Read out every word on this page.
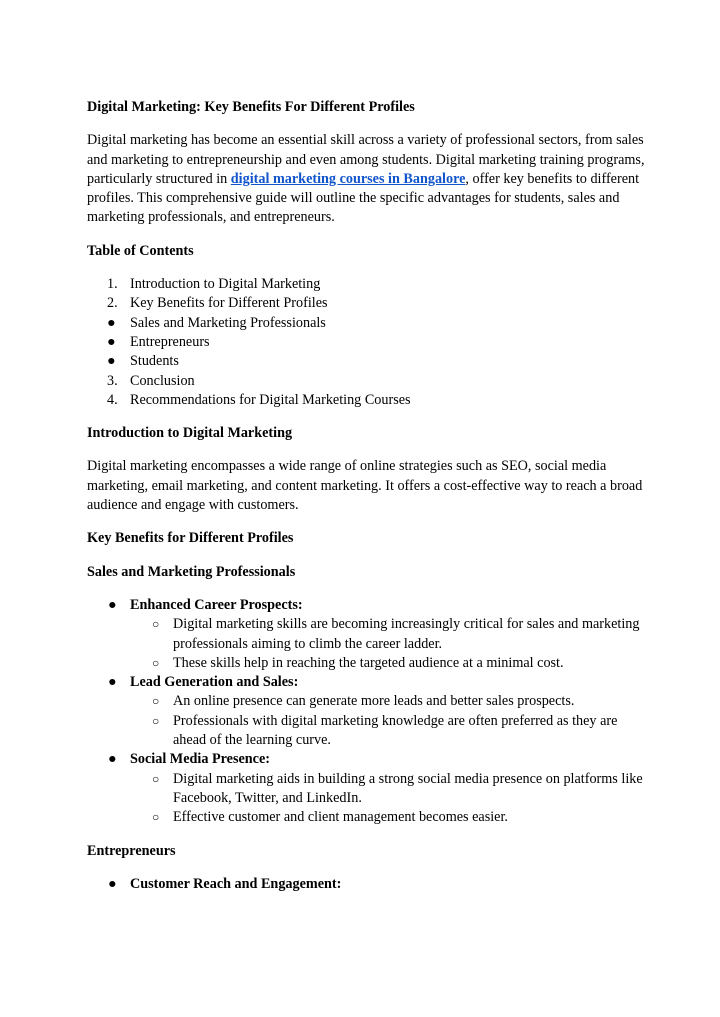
Digital Marketing: Key Benefits For Different Profiles

Digital marketing has become an essential skill across a variety of professional sectors, from sales and marketing to entrepreneurship and even among students. Digital marketing training programs, particularly structured in digital marketing courses in Bangalore, offer key benefits to different profiles. This comprehensive guide will outline the specific advantages for students, sales and marketing professionals, and entrepreneurs.

Table of Contents
1. Introduction to Digital Marketing
2. Key Benefits for Different Profiles
●	Sales and Marketing Professionals
●	Entrepreneurs
●	Students
3. Conclusion
4. Recommendations for Digital Marketing Courses
Introduction to Digital Marketing

Digital marketing encompasses a wide range of online strategies such as SEO, social media marketing, email marketing, and content marketing. It offers a cost-effective way to reach a broad audience and engage with customers.

Key Benefits for Different Profiles
Sales and Marketing Professionals
● Enhanced Career Prospects:
○ Digital marketing skills are becoming increasingly critical for sales and marketing professionals aiming to climb the career ladder.
○ These skills help in reaching the targeted audience at a minimal cost.
● Lead Generation and Sales:
○ An online presence can generate more leads and better sales prospects.
○ Professionals with digital marketing knowledge are often preferred as they are ahead of the learning curve.
● Social Media Presence:
○ Digital marketing aids in building a strong social media presence on platforms like Facebook, Twitter, and LinkedIn.
○ Effective customer and client management becomes easier.
Entrepreneurs
● Customer Reach and Engagement:
